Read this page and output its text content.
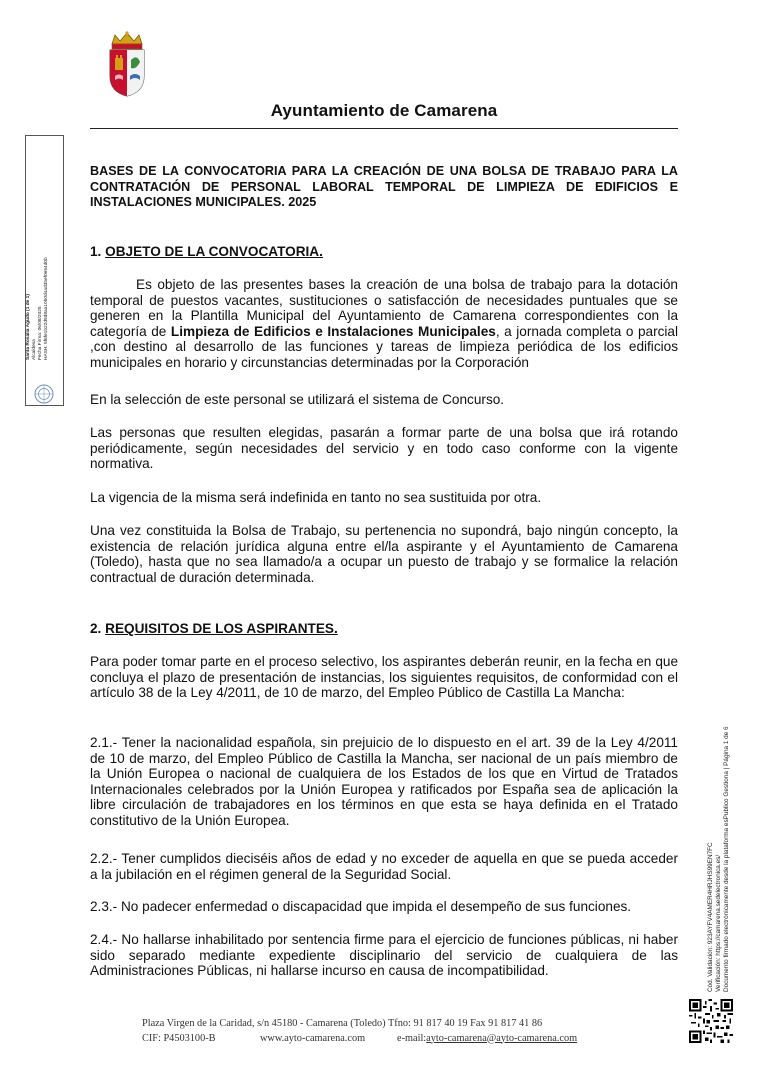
Ayuntamiento de Camarena
BASES DE LA CONVOCATORIA PARA LA CREACIÓN DE UNA BOLSA DE TRABAJO PARA LA CONTRATACIÓN DE PERSONAL LABORAL TEMPORAL DE LIMPIEZA DE EDIFICIOS E INSTALACIONES MUNICIPALES. 2025
1. OBJETO DE LA CONVOCATORIA.
Es objeto de las presentes bases la creación de una bolsa de trabajo para la dotación temporal de puestos vacantes, sustituciones o satisfacción de necesidades puntuales que se generen en la Plantilla Municipal del Ayuntamiento de Camarena correspondientes con la categoría de Limpieza de Edificios e Instalaciones Municipales, a jornada completa o parcial ,con destino al desarrollo de las funciones y tareas de limpieza periódica de los edificios municipales en horario y circunstancias determinadas por la Corporación
En la selección de este personal se utilizará el sistema de Concurso.
Las personas que resulten elegidas, pasarán a formar parte de una bolsa que irá rotando periódicamente, según necesidades del servicio y en todo caso conforme con la vigente normativa.
La vigencia de la misma será indefinida en tanto no sea sustituida por otra.
Una vez constituida la Bolsa de Trabajo, su pertenencia no supondrá, bajo ningún concepto, la existencia de relación jurídica alguna entre el/la aspirante y el Ayuntamiento de Camarena (Toledo), hasta que no sea llamado/a a ocupar un puesto de trabajo y se formalice la relación contractual de duración determinada.
2. REQUISITOS DE LOS ASPIRANTES.
Para poder tomar parte en el proceso selectivo, los aspirantes deberán reunir, en la fecha en que concluya el plazo de presentación de instancias, los siguientes requisitos, de conformidad con el artículo 38 de la Ley 4/2011, de 10 de marzo, del Empleo Público de Castilla La Mancha:
2.1.- Tener la nacionalidad española, sin prejuicio de lo dispuesto en el art. 39 de la Ley 4/2011 de 10 de marzo, del Empleo Público de Castilla la Mancha, ser nacional de un país miembro de la Unión Europea o nacional de cualquiera de los Estados de los que en Virtud de Tratados Internacionales celebrados por la Unión Europea y ratificados por España sea de aplicación la libre circulación de trabajadores en los términos en que esta se haya definida en el Tratado constitutivo de la Unión Europea.
2.2.- Tener cumplidos dieciséis años de edad y no exceder de aquella en que se pueda acceder a la jubilación en el régimen general de la Seguridad Social.
2.3.- No padecer enfermedad o discapacidad que impida el desempeño de sus funciones.
2.4.- No hallarse inhabilitado por sentencia firme para el ejercicio de funciones públicas, ni haber sido separado mediante expediente disciplinario del servicio de cualquiera de las Administraciones Públicas, ni hallarse incurso en causa de incompatibilidad.
Santa Rosalía Agudo (1 de 1) Alcaldesa Fecha Firma: 06/08/2025 HASH: 5f6fe1b22d9d8aa10b0d4ad3bef0e54d0b
Cód. Validación: 923AYFV4AMER4HRJHS99EN7FC Verificación: https://camarena.sedelectronica.es/ Documento firmado electrónicamente desde la plataforma esPublico Gestiona | Página 1 de 6
Plaza Virgen de la Caridad, s/n 45180 - Camarena (Toledo) Tfno: 91 817 40 19 Fax 91 817 41 86
CIF: P4503100-B	www.ayto-camarena.com	e-mail:ayto-camarena@ayto-camarena.com
